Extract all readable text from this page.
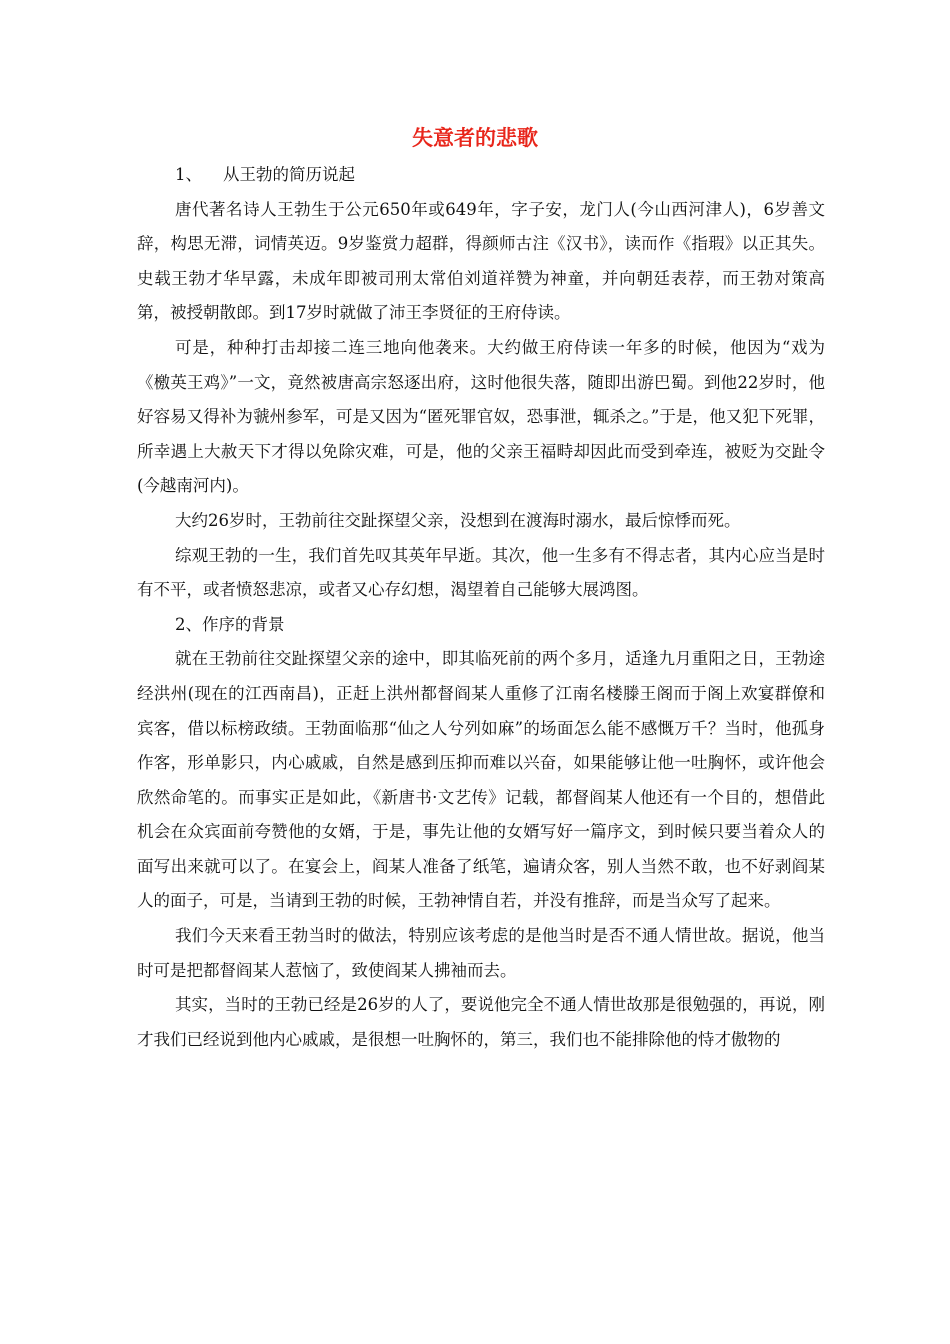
失意者的悲歌
1、 从王勃的简历说起
唐代著名诗人王勃生于公元650年或649年，字子安，龙门人(今山西河津人)，6岁善文辞，构思无滞，词情英迈。9岁鉴赏力超群，得颜师古注《汉书》，读而作《指瑕》以正其失。史载王勃才华早露，未成年即被司刑太常伯刘道祥赞为神童，并向朝廷表荐，而王勃对策高第，被授朝散郎。到17岁时就做了沛王李贤征的王府侍读。
可是，种种打击却接二连三地向他袭来。大约做王府侍读一年多的时候，他因为“戏为《檄英王鸡》”一文，竟然被唐高宗怒逐出府，这时他很失落，随即出游巴蜀。到他22岁时，他好容易又得补为虢州参军，可是又因为“匿死罪官奴，恐事泄，辄杀之。”于是，他又犯下死罪，所幸遇上大赦天下才得以免除灾难，可是，他的父亲王福畤却因此而受到牵连，被贬为交趾令(今越南河内)。
大约26岁时，王勃前往交趾探望父亲，没想到在渡海时溺水，最后惊悸而死。
综观王勃的一生，我们首先叹其英年早逝。其次，他一生多有不得志者，其内心应当是时有不平，或者愤怒悲凉，或者又心存幻想，渴望着自己能够大展鸿图。
2、作序的背景
就在王勃前往交趾探望父亲的途中，即其临死前的两个多月，适逢九月重阳之日，王勃途经洪州(现在的江西南昌)，正赶上洪州都督阎某人重修了江南名楼滕王阁而于阁上欢宴群僚和宾客，借以标榜政绩。王勃面临那“仙之人兮列如麻”的场面怎么能不感慨万千？当时，他孤身作客，形单影只，内心戚戚，自然是感到压抑而难以兴奋，如果能够让他一吐胸怀，或许他会欣然命笔的。而事实正是如此，《新唐书·文艺传》记载，都督阎某人他还有一个目的，想借此机会在众宾面前夸赞他的女婿，于是，事先让他的女婿写好一篇序文，到时候只要当着众人的面写出来就可以了。在宴会上，阎某人准备了纸笔，遍请众客，别人当然不敢，也不好剥阎某人的面子，可是，当请到王勃的时候，王勃神情自若，并没有推辞，而是当众写了起来。
我们今天来看王勃当时的做法，特别应该考虑的是他当时是否不通人情世故。据说，他当时可是把都督阎某人惹恼了，致使阎某人拂袖而去。
其实，当时的王勃已经是26岁的人了，要说他完全不通人情世故那是很勉强的，再说，刚才我们已经说到他内心戚戚，是很想一吐胸怀的，第三，我们也不能排除他的恃才傲物的
